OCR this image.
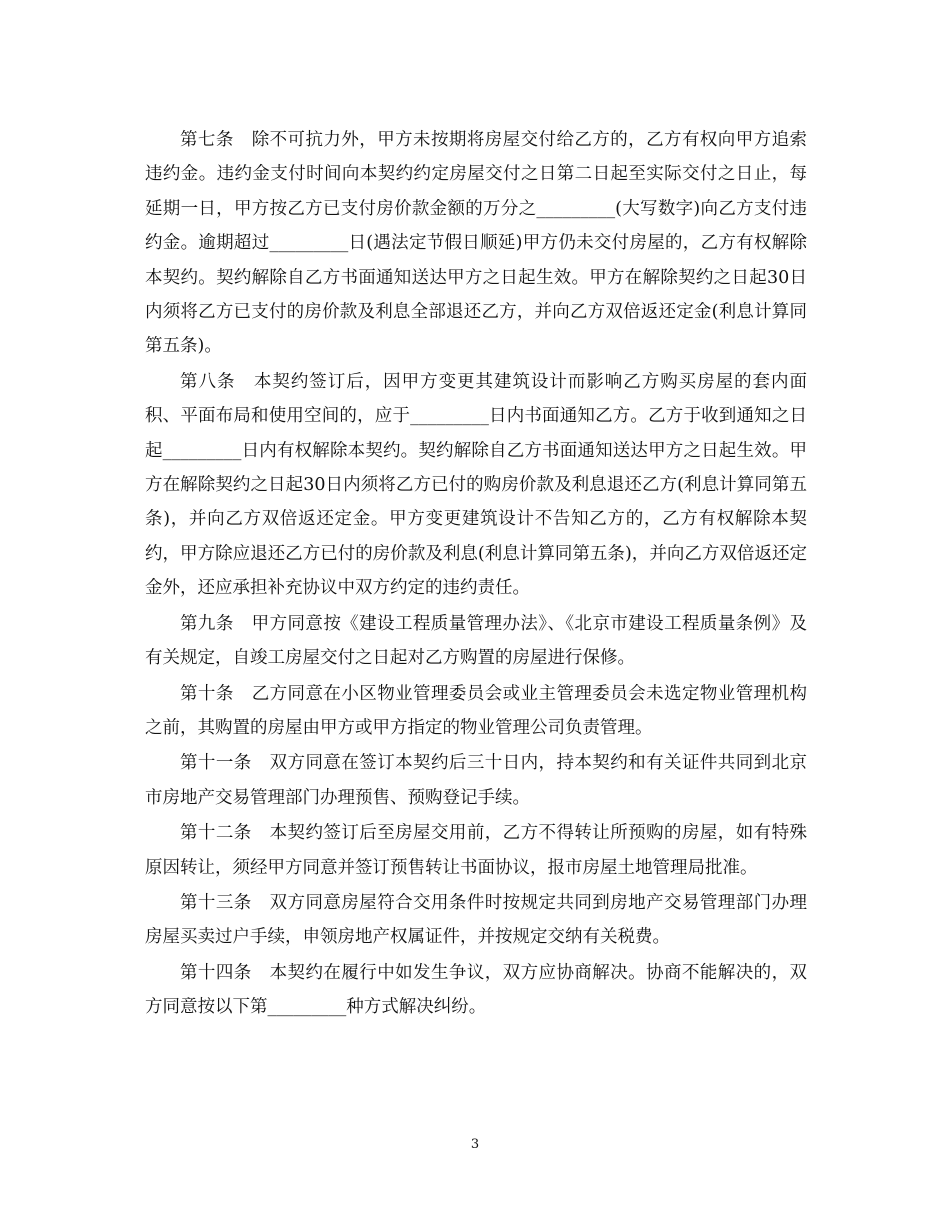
第七条　除不可抗力外，甲方未按期将房屋交付给乙方的，乙方有权向甲方追索违约金。违约金支付时间向本契约约定房屋交付之日第二日起至实际交付之日止，每延期一日，甲方按乙方已支付房价款金额的万分之_________(大写数字)向乙方支付违约金。逾期超过_________日(遇法定节假日顺延)甲方仍未交付房屋的，乙方有权解除本契约。契约解除自乙方书面通知送达甲方之日起生效。甲方在解除契约之日起30日内须将乙方已支付的房价款及利息全部退还乙方，并向乙方双倍返还定金(利息计算同第五条)。

第八条　本契约签订后，因甲方变更其建筑设计而影响乙方购买房屋的套内面积、平面布局和使用空间的，应于_________日内书面通知乙方。乙方于收到通知之日起_________日内有权解除本契约。契约解除自乙方书面通知送达甲方之日起生效。甲方在解除契约之日起30日内须将乙方已付的购房价款及利息退还乙方(利息计算同第五条)，并向乙方双倍返还定金。甲方变更建筑设计不告知乙方的，乙方有权解除本契约，甲方除应退还乙方已付的房价款及利息(利息计算同第五条)，并向乙方双倍返还定金外，还应承担补充协议中双方约定的违约责任。

第九条　甲方同意按《建设工程质量管理办法》、《北京市建设工程质量条例》及有关规定，自竣工房屋交付之日起对乙方购置的房屋进行保修。

第十条　乙方同意在小区物业管理委员会或业主管理委员会未选定物业管理机构之前，其购置的房屋由甲方或甲方指定的物业管理公司负责管理。

第十一条　双方同意在签订本契约后三十日内，持本契约和有关证件共同到北京市房地产交易管理部门办理预售、预购登记手续。

第十二条　本契约签订后至房屋交用前，乙方不得转让所预购的房屋，如有特殊原因转让，须经甲方同意并签订预售转让书面协议，报市房屋土地管理局批准。

第十三条　双方同意房屋符合交用条件时按规定共同到房地产交易管理部门办理房屋买卖过户手续，申领房地产权属证件，并按规定交纳有关税费。

第十四条　本契约在履行中如发生争议，双方应协商解决。协商不能解决的，双方同意按以下第_________种方式解决纠纷。

3
